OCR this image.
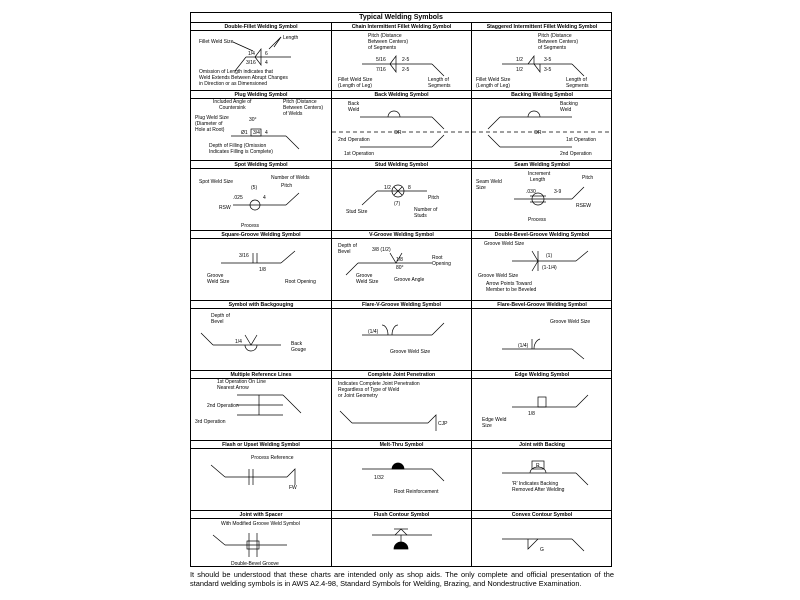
Typical Welding Symbols
Double-Fillet Welding Symbol
Fillet Weld Size
Length
1/4 6
3/16 4
Omission of Length indicates that
Weld Extends Between Abrupt Changes
in Direction or as Dimensioned
Chain Intermittent Fillet Welding Symbol
Pitch (Distance
Between Centers)
of Segments
5/16	2-5
7/16	2-5
Fillet Weld Size
(Length of Leg)
Length of
Segments
Staggered Intermittent Fillet Welding Symbol
Pitch (Distance
Between Centers)
of Segments
1/2	3-5
1/2	3-5
Fillet Weld Size
(Length of Leg)
Length of
Segments
Plug Welding Symbol
Included Angle of
Countersink
Pitch (Distance
Between Centers)
of Welds
30°
Plug Weld Size
(Diameter of
Hole at Root)	Ø1 3/4 4
Depth of Filling (Omission
Indicates Filling is Complete)
Back Welding Symbol
Back
Weld
OR
2nd Operation
1st Operation
Backing Welding Symbol
Backing
Weld
OR
1st Operation
2nd Operation
Spot Welding Symbol
Spot Weld Size
Number of Welds
(5)	Pitch
.025	4
RSW
Process
Stud Welding Symbol
1/2	8
Pitch
(7)
Stud Size	Number of
Studs
Seam Welding Symbol
Increment
Length
Seam Weld
Size
Pitch
.030	3-9
RSEW
Process
Square-Groove Welding Symbol
3/16
1/8
Groove
Weld Size	Root Opening
V-Groove Welding Symbol
Depth of
Bevel	3/8 (1/2)
1/8
80°
Root
Opening
Groove
Weld Size	Groove Angle
Double-Bevel-Groove Welding Symbol
Groove Weld Size
(1)
(1-1/4)
Groove Weld Size
Arrow Points Toward
Member to be Beveled
Symbol with Backgouging
Depth of
Bevel
1/4	Back
Gouge
Flare-V-Groove Welding Symbol
(1/4)
Groove Weld Size
Flare-Bevel-Groove Welding Symbol
Groove Weld Size
(1/4)
Multiple Reference Lines
1st Operation On Line
Nearest Arrow
2nd Operation
3rd Operation
Complete Joint Penetration
Indicates Complete Joint Penetration
Regardless of Type of Weld
or Joint Geometry
CJP
Edge Welding Symbol
1/8
Edge Weld
Size
Flash or Upset Welding Symbol
Process Reference
FW
Melt-Thru Symbol
1/32
Root Reinforcement
Joint with Backing
R
'R' Indicates Backing
Removed After Welding
Joint with Spacer
With Modified Groove Weld Symbol
Double-Bevel Groove
Flush Contour Symbol	Convex Contour Symbol
G
It should be understood that these charts are intended only as shop aids. The only complete and official presentation of the standard welding symbols is in AWS A2.4-98, Standard Symbols for Welding, Brazing, and Nondestructive Examination.
